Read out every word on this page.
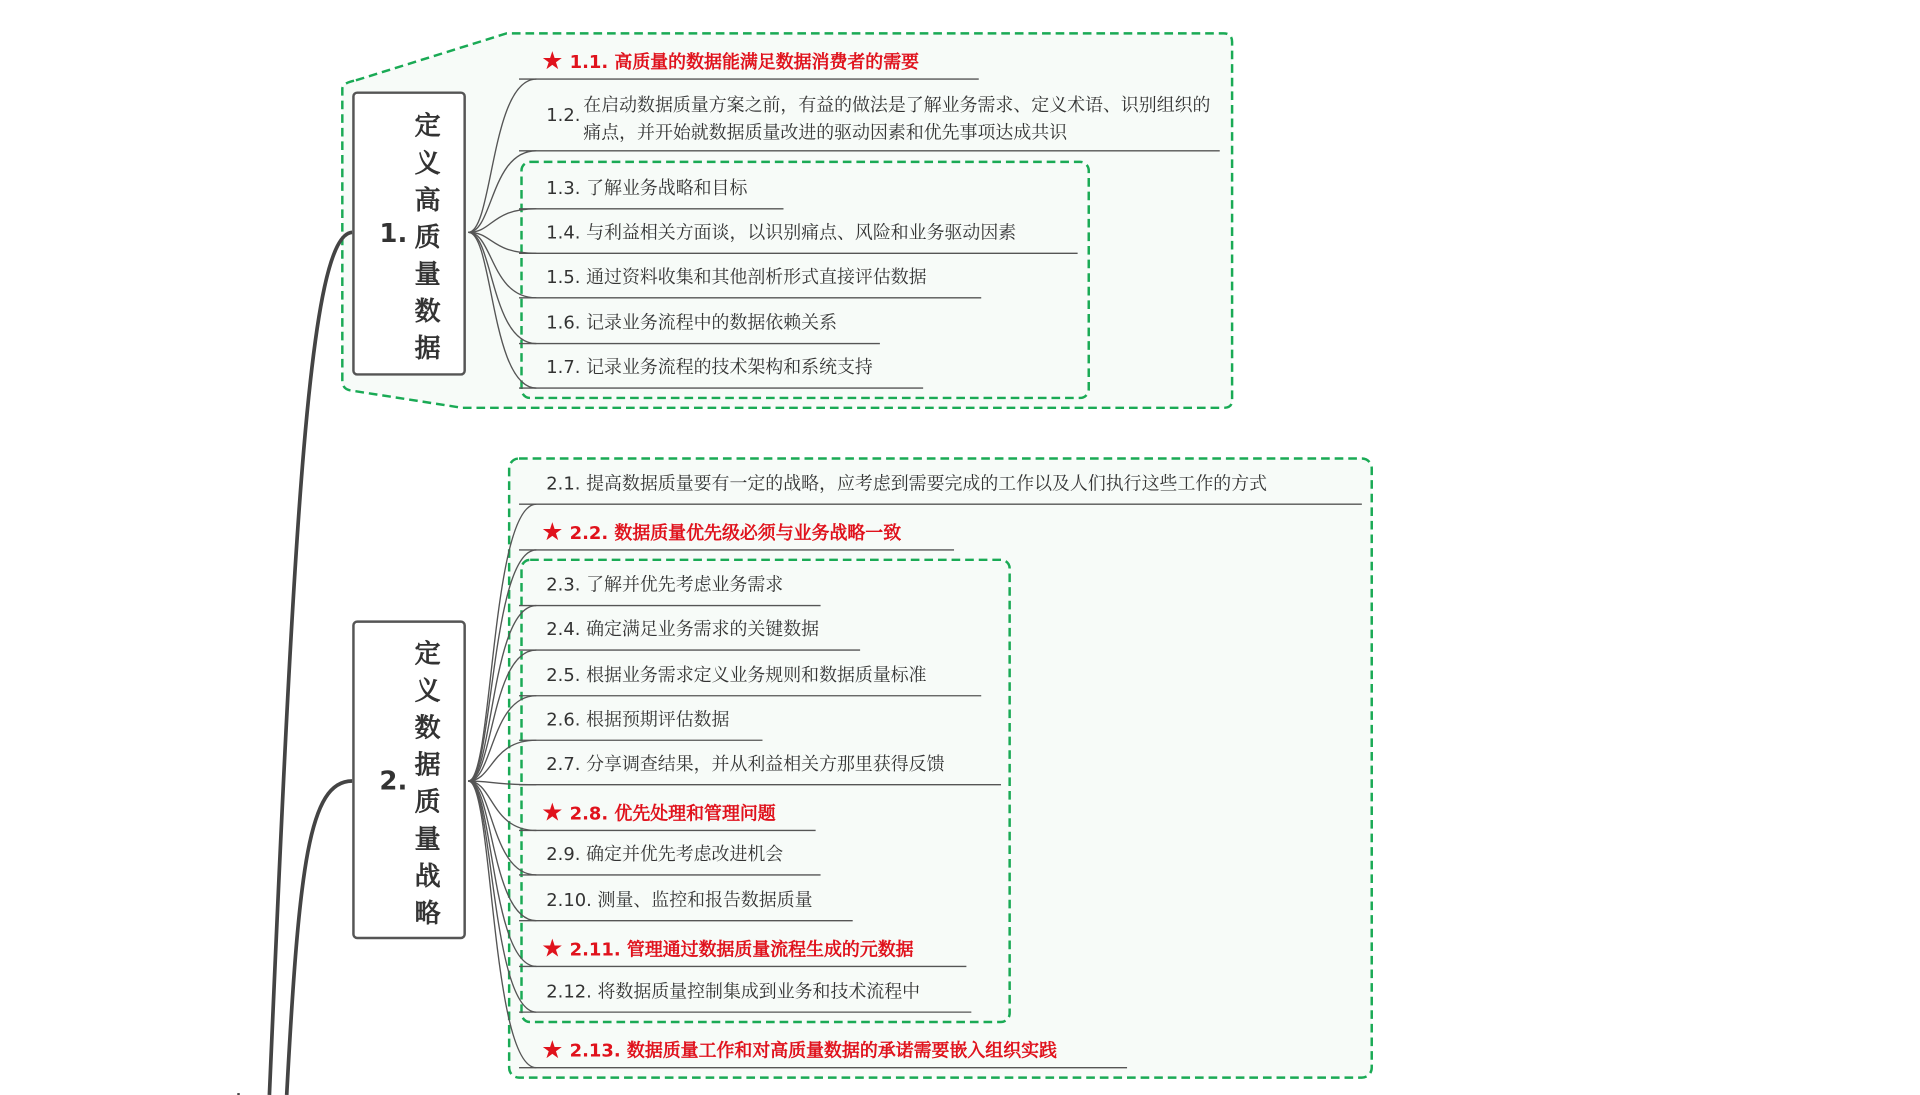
1.
定义高质量数据
2.
定义数据质量战略
1.2. 在启动数据质量方案之前，有益的做法是了解业务需求、定义术语、识别组织的痛点，并开始就数据质量改进的驱动因素和优先事项达成共识
★ 1.1. 高质量的数据能满足数据消费者的需要
1.3. 了解业务战略和目标
1.4. 与利益相关方面谈，以识别痛点、风险和业务驱动因素
1.5. 通过资料收集和其他剖析形式直接评估数据
1.6. 记录业务流程中的数据依赖关系
1.7. 记录业务流程的技术架构和系统支持
2.1. 提高数据质量要有一定的战略，应考虑到需要完成的工作以及人们执行这些工作的方式
★ 2.2. 数据质量优先级必须与业务战略一致
2.3. 了解并优先考虑业务需求
2.4. 确定满足业务需求的关键数据
2.5. 根据业务需求定义业务规则和数据质量标准
2.6. 根据预期评估数据
2.7. 分享调查结果，并从利益相关方那里获得反馈
★ 2.8. 优先处理和管理问题
2.9. 确定并优先考虑改进机会
2.10. 测量、监控和报告数据质量
★ 2.11. 管理通过数据质量流程生成的元数据
2.12. 将数据质量控制集成到业务和技术流程中
★ 2.13. 数据质量工作和对高质量数据的承诺需要嵌入组织实践
